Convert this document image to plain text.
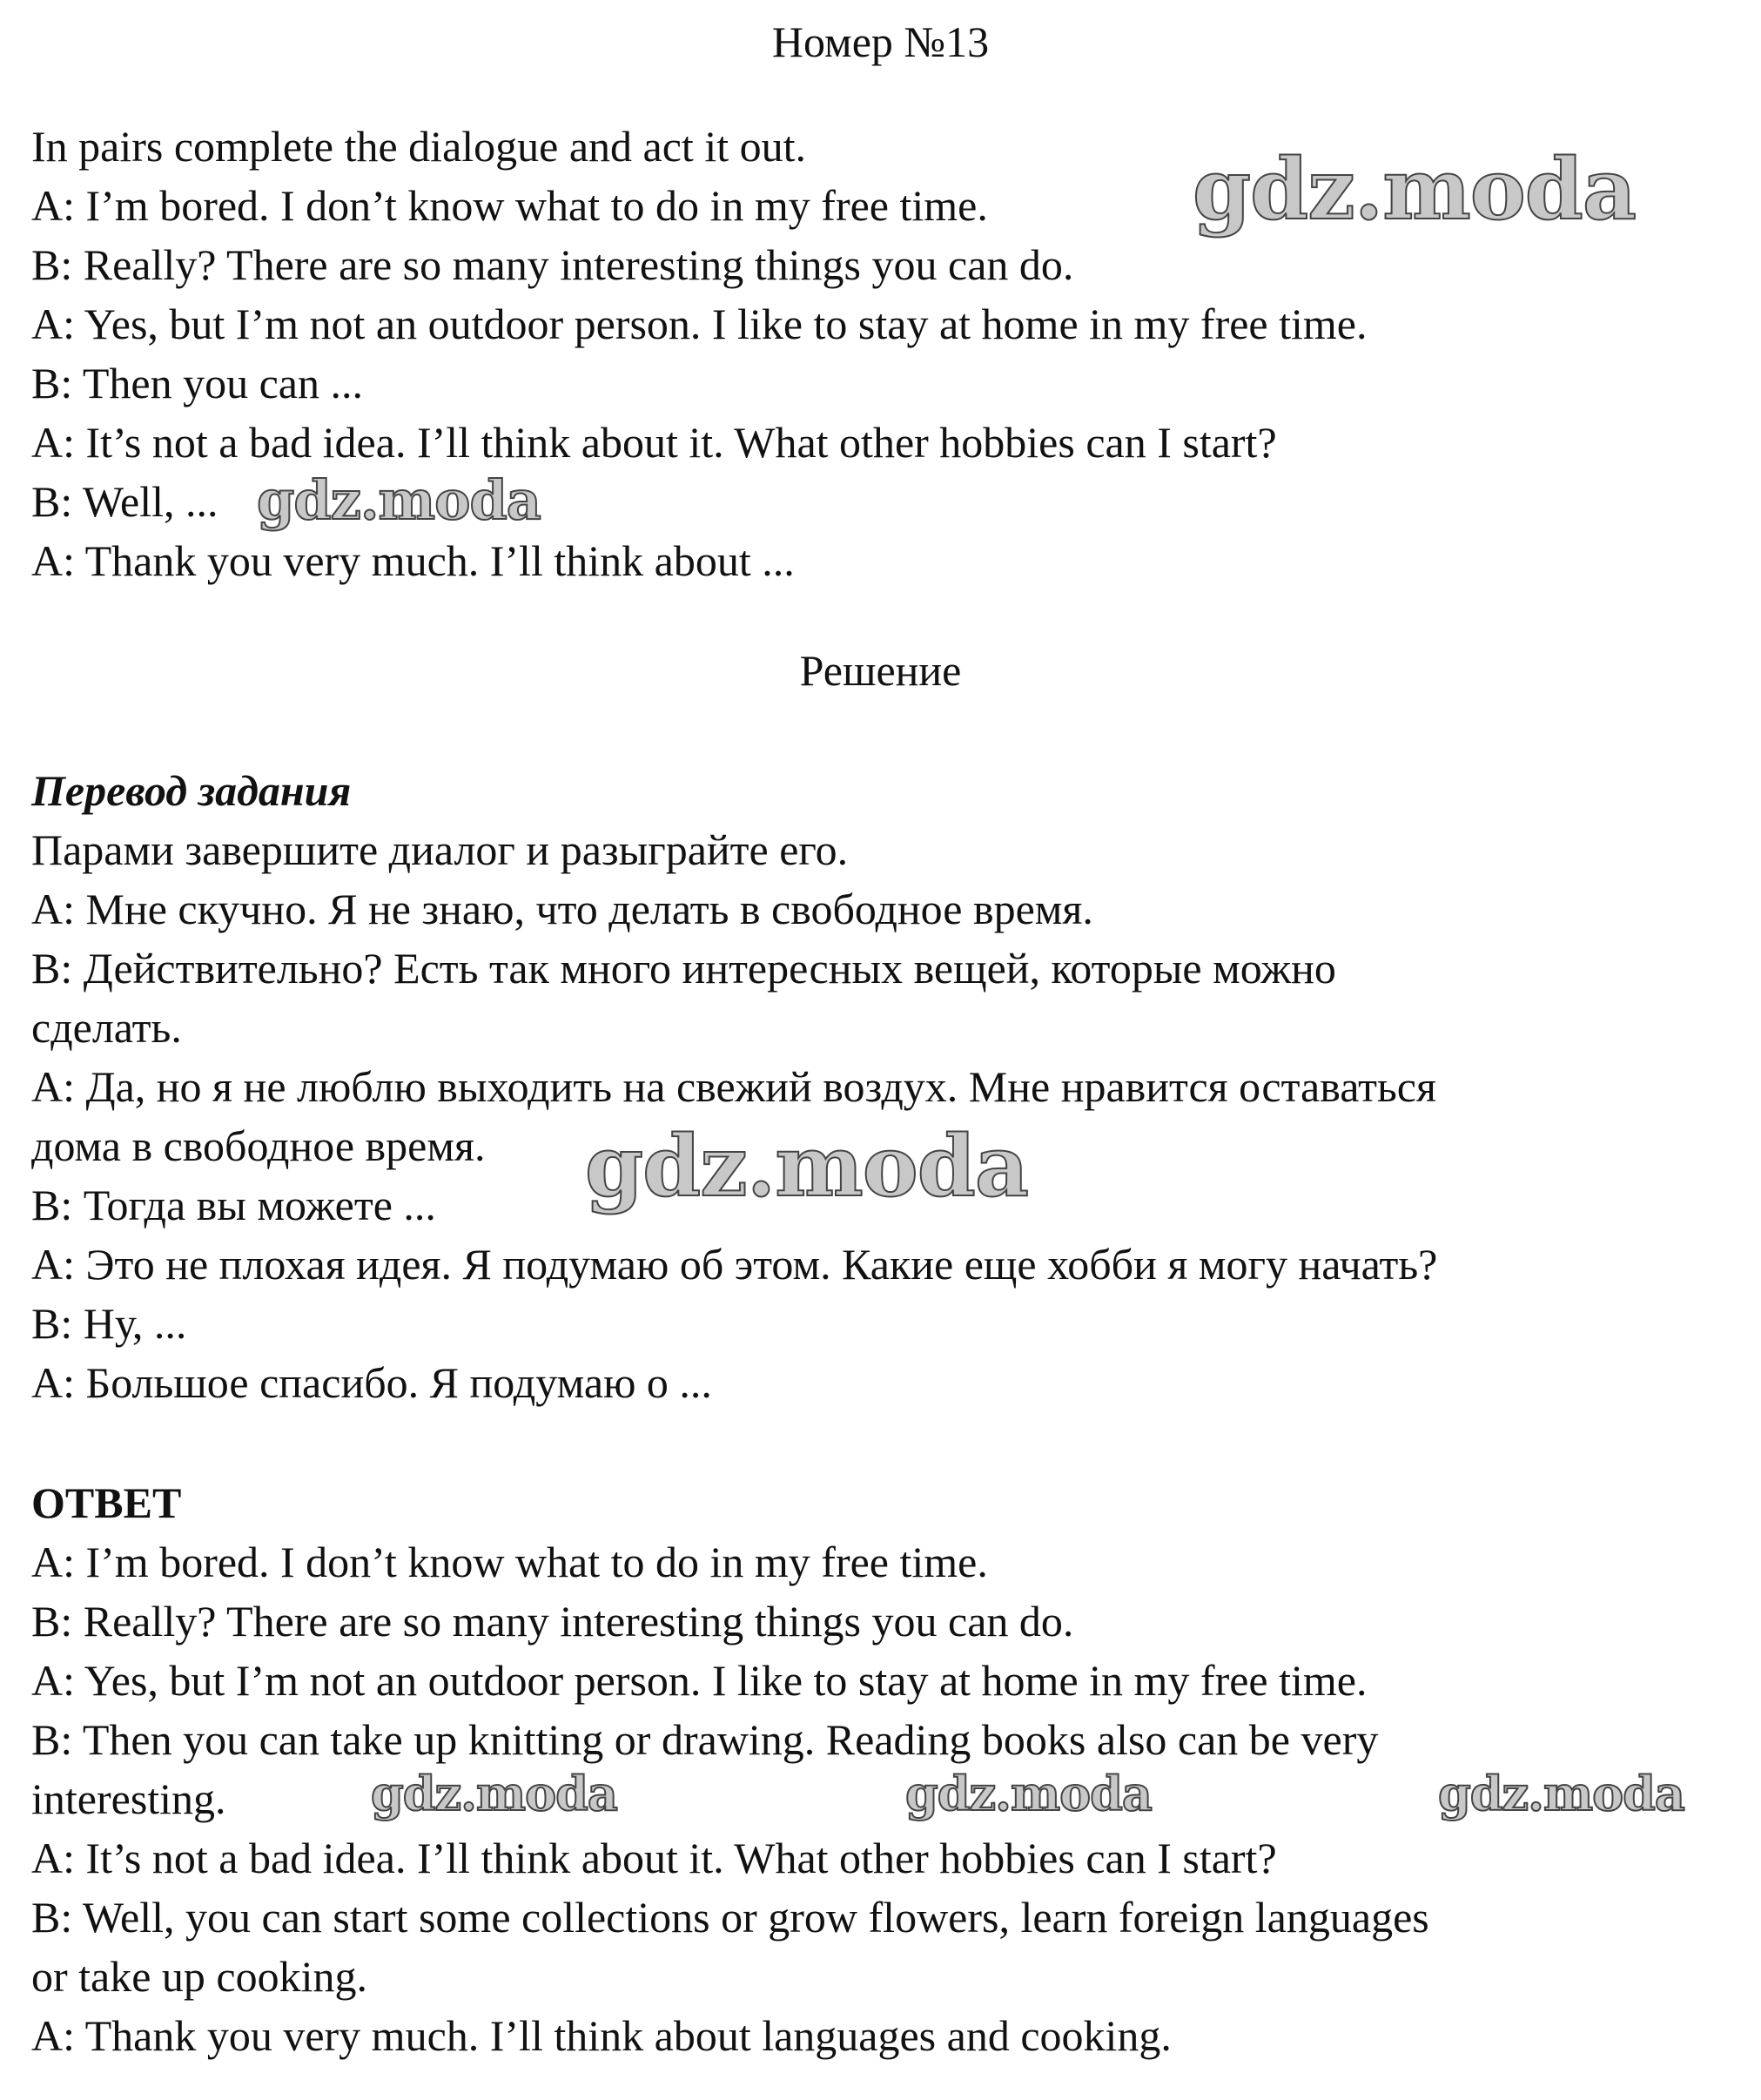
Номер №13
In pairs complete the dialogue and act it out.
A: I’m bored. I don’t know what to do in my free time.
B: Really? There are so many interesting things you can do.
A: Yes, but I’m not an outdoor person. I like to stay at home in my free time.
B: Then you can ...
A: It’s not a bad idea. I’ll think about it. What other hobbies can I start?
B: Well, ...
A: Thank you very much. I’ll think about ...
Решение
Перевод задания
Парами завершите диалог и разыграйте его.
A: Мне скучно. Я не знаю, что делать в свободное время.
B: Действительно? Есть так много интересных вещей, которые можно
сделать.
A: Да, но я не люблю выходить на свежий воздух. Мне нравится оставаться
дома в свободное время.
B: Тогда вы можете ...
A: Это не плохая идея. Я подумаю об этом. Какие еще хобби я могу начать?
B: Ну, ...
A: Большое спасибо. Я подумаю о ...
ОТВЕТ
A: I’m bored. I don’t know what to do in my free time.
B: Really? There are so many interesting things you can do.
A: Yes, but I’m not an outdoor person. I like to stay at home in my free time.
B: Then you can take up knitting or drawing. Reading books also can be very
interesting.
A: It’s not a bad idea. I’ll think about it. What other hobbies can I start?
B: Well, you can start some collections or grow flowers, learn foreign languages
or take up cooking.
A: Thank you very much. I’ll think about languages and cooking.
gdz.moda
gdz.moda
gdz.moda
gdz.moda	gdz.moda	gdz.moda
